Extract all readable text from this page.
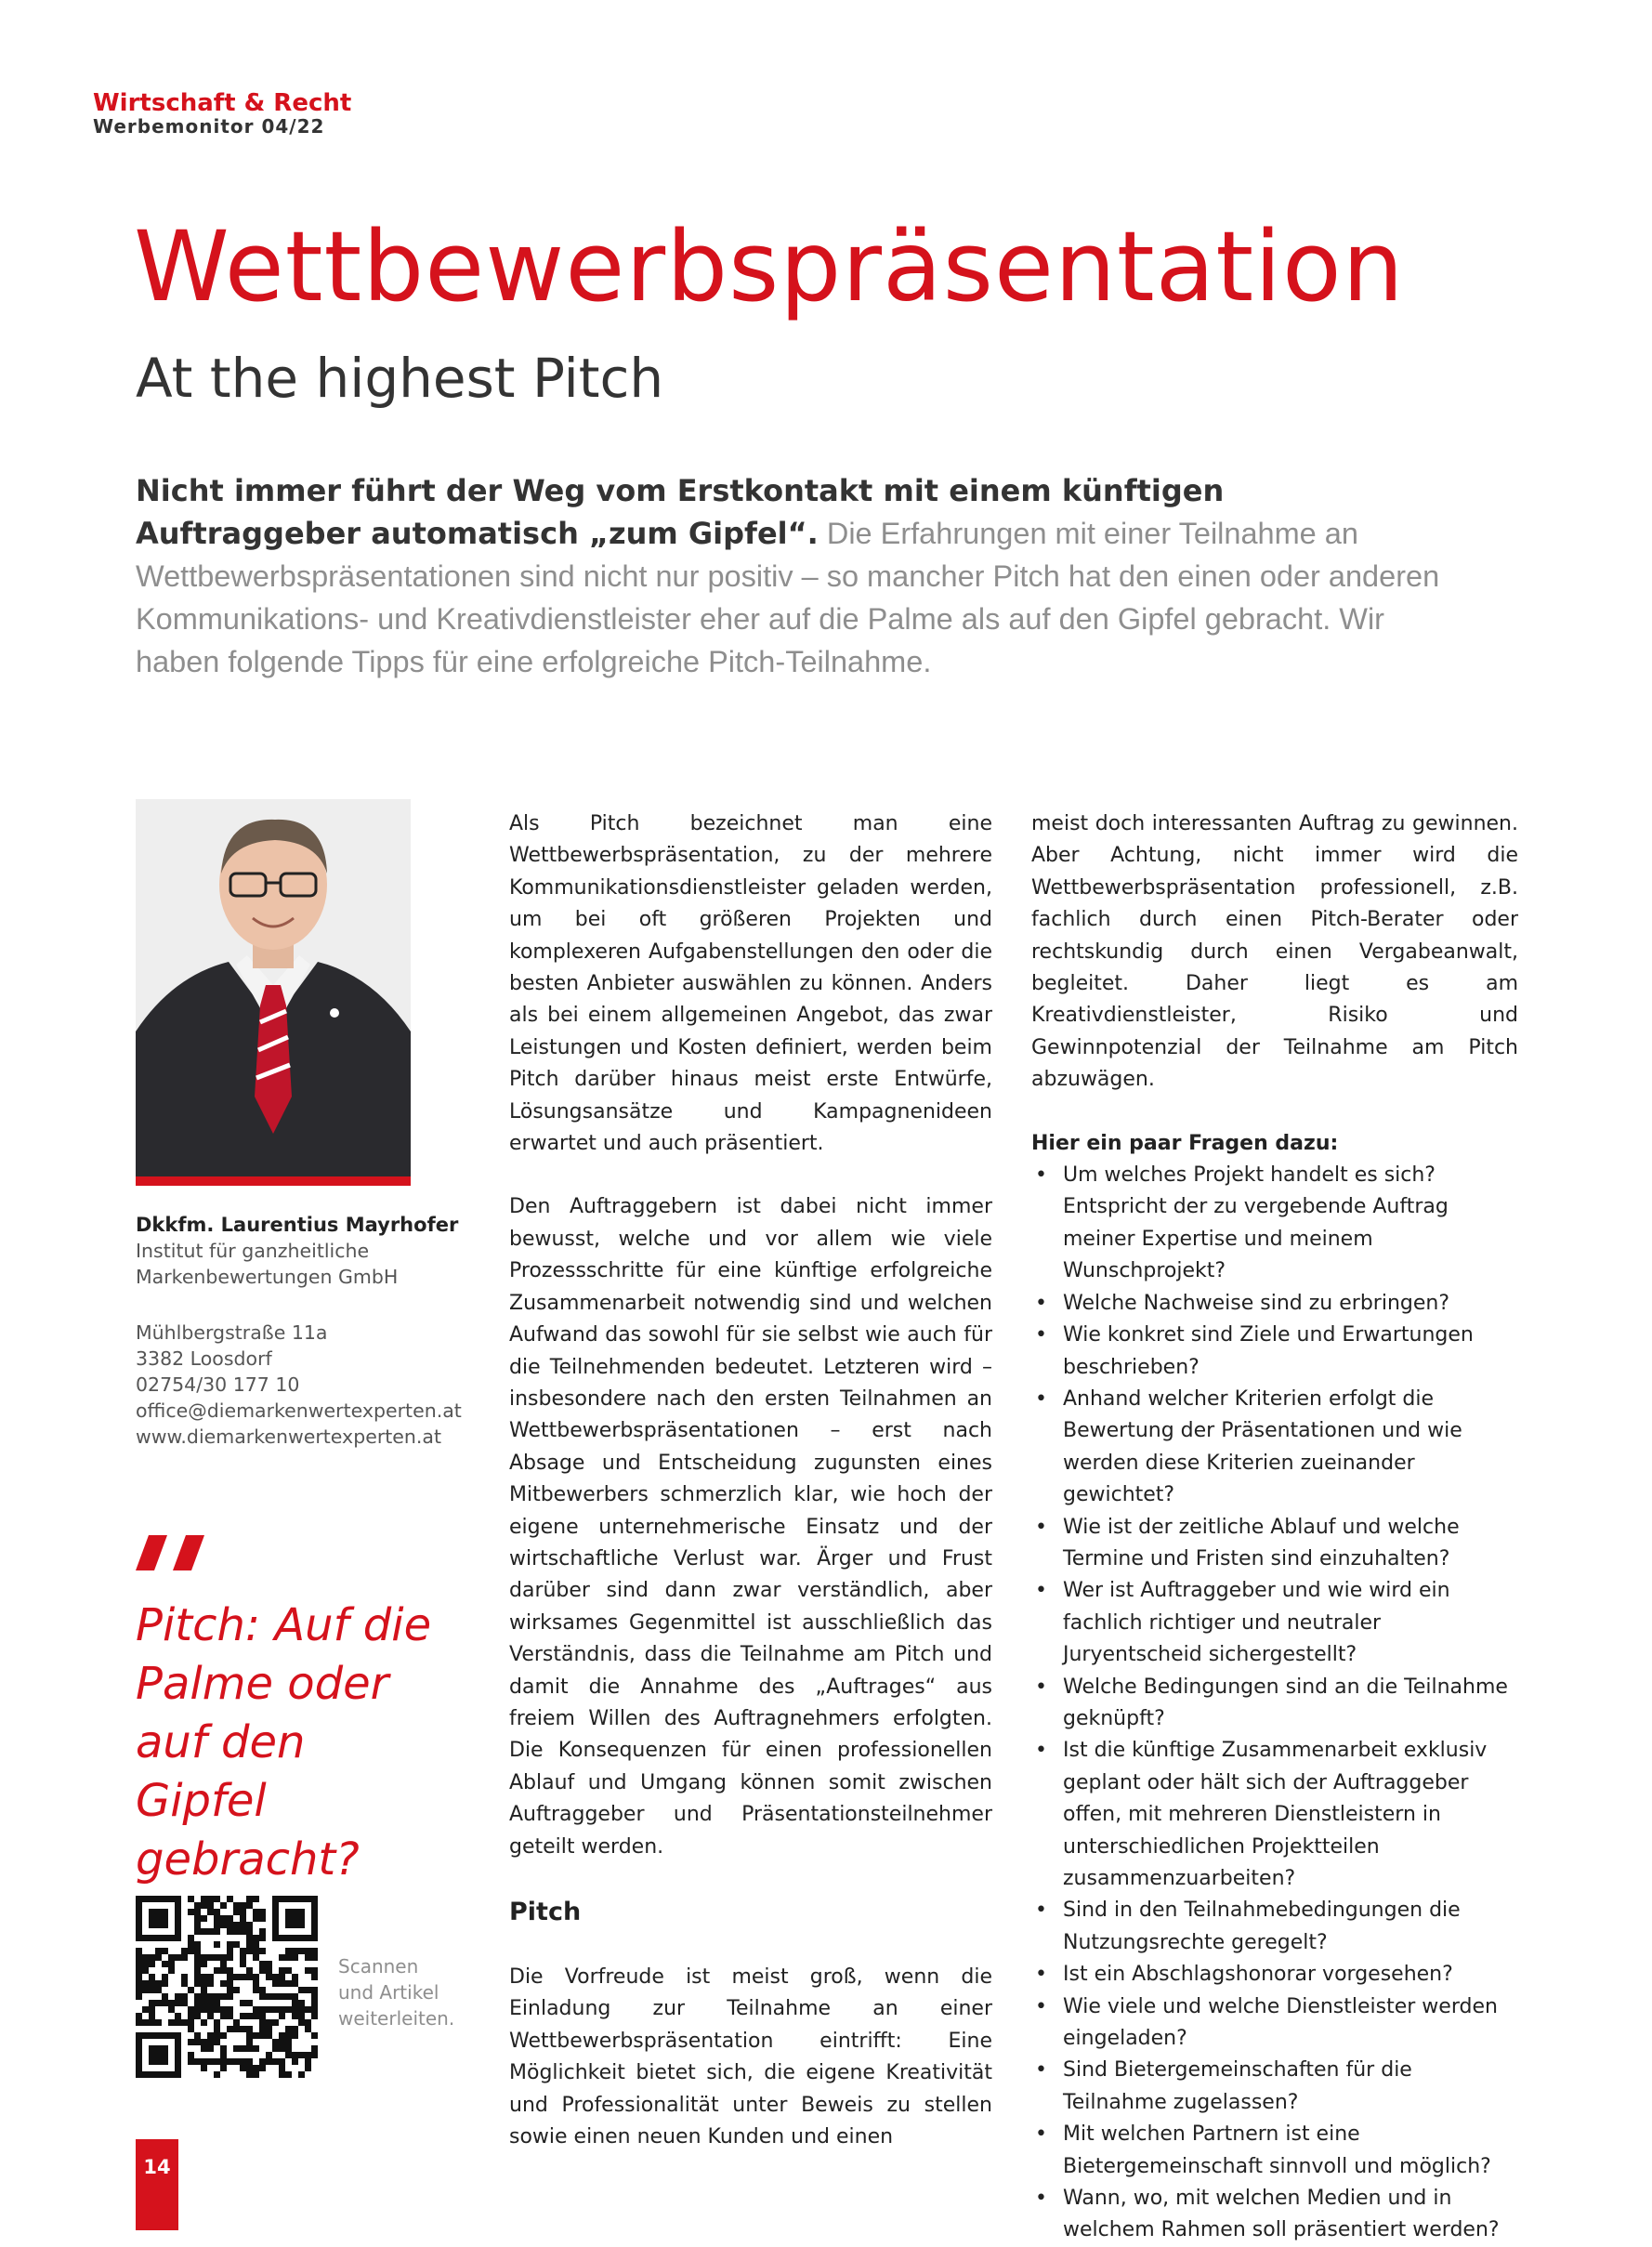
Wirtschaft & Recht
Werbemonitor 04/22
Wettbewerbspräsentation
At the highest Pitch
Nicht immer führt der Weg vom Erstkontakt mit einem künftigen Auftraggeber automatisch „zum Gipfel“. Die Erfahrungen mit einer Teilnahme an Wettbewerbspräsentationen sind nicht nur positiv – so mancher Pitch hat den einen oder anderen Kommunikations- und Kreativdienstleister eher auf die Palme als auf den Gipfel gebracht. Wir haben folgende Tipps für eine erfolgreiche Pitch-Teilnahme.
Dkkfm. Laurentius Mayrhofer
Institut für ganzheitliche
Markenbewertungen GmbH
Mühlbergstraße 11a
3382 Loosdorf
02754/30 177 10
office@diemarkenwertexperten.at
www.diemarkenwertexperten.at
Pitch: Auf die Palme oder auf den Gipfel gebracht?
Scannen
und Artikel
weiterleiten.

Als Pitch bezeichnet man eine Wettbewerbspräsentation, zu der mehrere Kommunikationsdienstleister geladen werden, um bei oft größeren Projekten und komplexeren Aufgabenstellungen den oder die besten Anbieter auswählen zu können. Anders als bei einem allgemeinen Angebot, das zwar Leistungen und Kosten definiert, werden beim Pitch darüber hinaus meist erste Entwürfe, Lösungsansätze und Kampagnenideen erwartet und auch präsentiert.

Den Auftraggebern ist dabei nicht immer bewusst, welche und vor allem wie viele Prozessschritte für eine künftige erfolgreiche Zusammenarbeit notwendig sind und welchen Aufwand das sowohl für sie selbst wie auch für die Teilnehmenden bedeutet. Letzteren wird – insbesondere nach den ersten Teilnahmen an Wettbewerbspräsentationen – erst nach Absage und Entscheidung zugunsten eines Mitbewerbers schmerzlich klar, wie hoch der eigene unternehmerische Einsatz und der wirtschaftliche Verlust war. Ärger und Frust darüber sind dann zwar verständlich, aber wirksames Gegenmittel ist ausschließlich das Verständnis, dass die Teilnahme am Pitch und damit die Annahme des „Auftrages“ aus freiem Willen des Auftragnehmers erfolgten. Die Konsequenzen für einen professionellen Ablauf und Umgang können somit zwischen Auftraggeber und Präsentationsteilnehmer geteilt werden.

Pitch

Die Vorfreude ist meist groß, wenn die Einladung zur Teilnahme an einer Wettbewerbspräsentation eintrifft: Eine Möglichkeit bietet sich, die eigene Kreativität und Professionalität unter Beweis zu stellen sowie einen neuen Kunden und einen

meist doch interessanten Auftrag zu gewinnen. Aber Achtung, nicht immer wird die Wettbewerbspräsentation professionell, z.B. fachlich durch einen Pitch-Berater oder rechtskundig durch einen Vergabeanwalt, begleitet. Daher liegt es am Kreativdienstleister, Risiko und Gewinnpotenzial der Teilnahme am Pitch abzuwägen.

Hier ein paar Fragen dazu:
• Um welches Projekt handelt es sich? Entspricht der zu vergebende Auftrag meiner Expertise und meinem Wunschprojekt?
• Welche Nachweise sind zu erbringen?
• Wie konkret sind Ziele und Erwartungen beschrieben?
• Anhand welcher Kriterien erfolgt die Bewertung der Präsentationen und wie werden diese Kriterien zueinander gewichtet?
• Wie ist der zeitliche Ablauf und welche Termine und Fristen sind einzuhalten?
• Wer ist Auftraggeber und wie wird ein fachlich richtiger und neutraler Juryentscheid sichergestellt?
• Welche Bedingungen sind an die Teilnahme geknüpft?
• Ist die künftige Zusammenarbeit exklusiv geplant oder hält sich der Auftraggeber offen, mit mehreren Dienstleistern in unterschiedlichen Projektteilen zusammenzuarbeiten?
• Sind in den Teilnahmebedingungen die Nutzungsrechte geregelt?
• Ist ein Abschlagshonorar vorgesehen?
• Wie viele und welche Dienstleister werden eingeladen?
• Sind Bietergemeinschaften für die Teilnahme zugelassen?
• Mit welchen Partnern ist eine Bietergemeinschaft sinnvoll und möglich?
• Wann, wo, mit welchen Medien und in welchem Rahmen soll präsentiert werden?
14
